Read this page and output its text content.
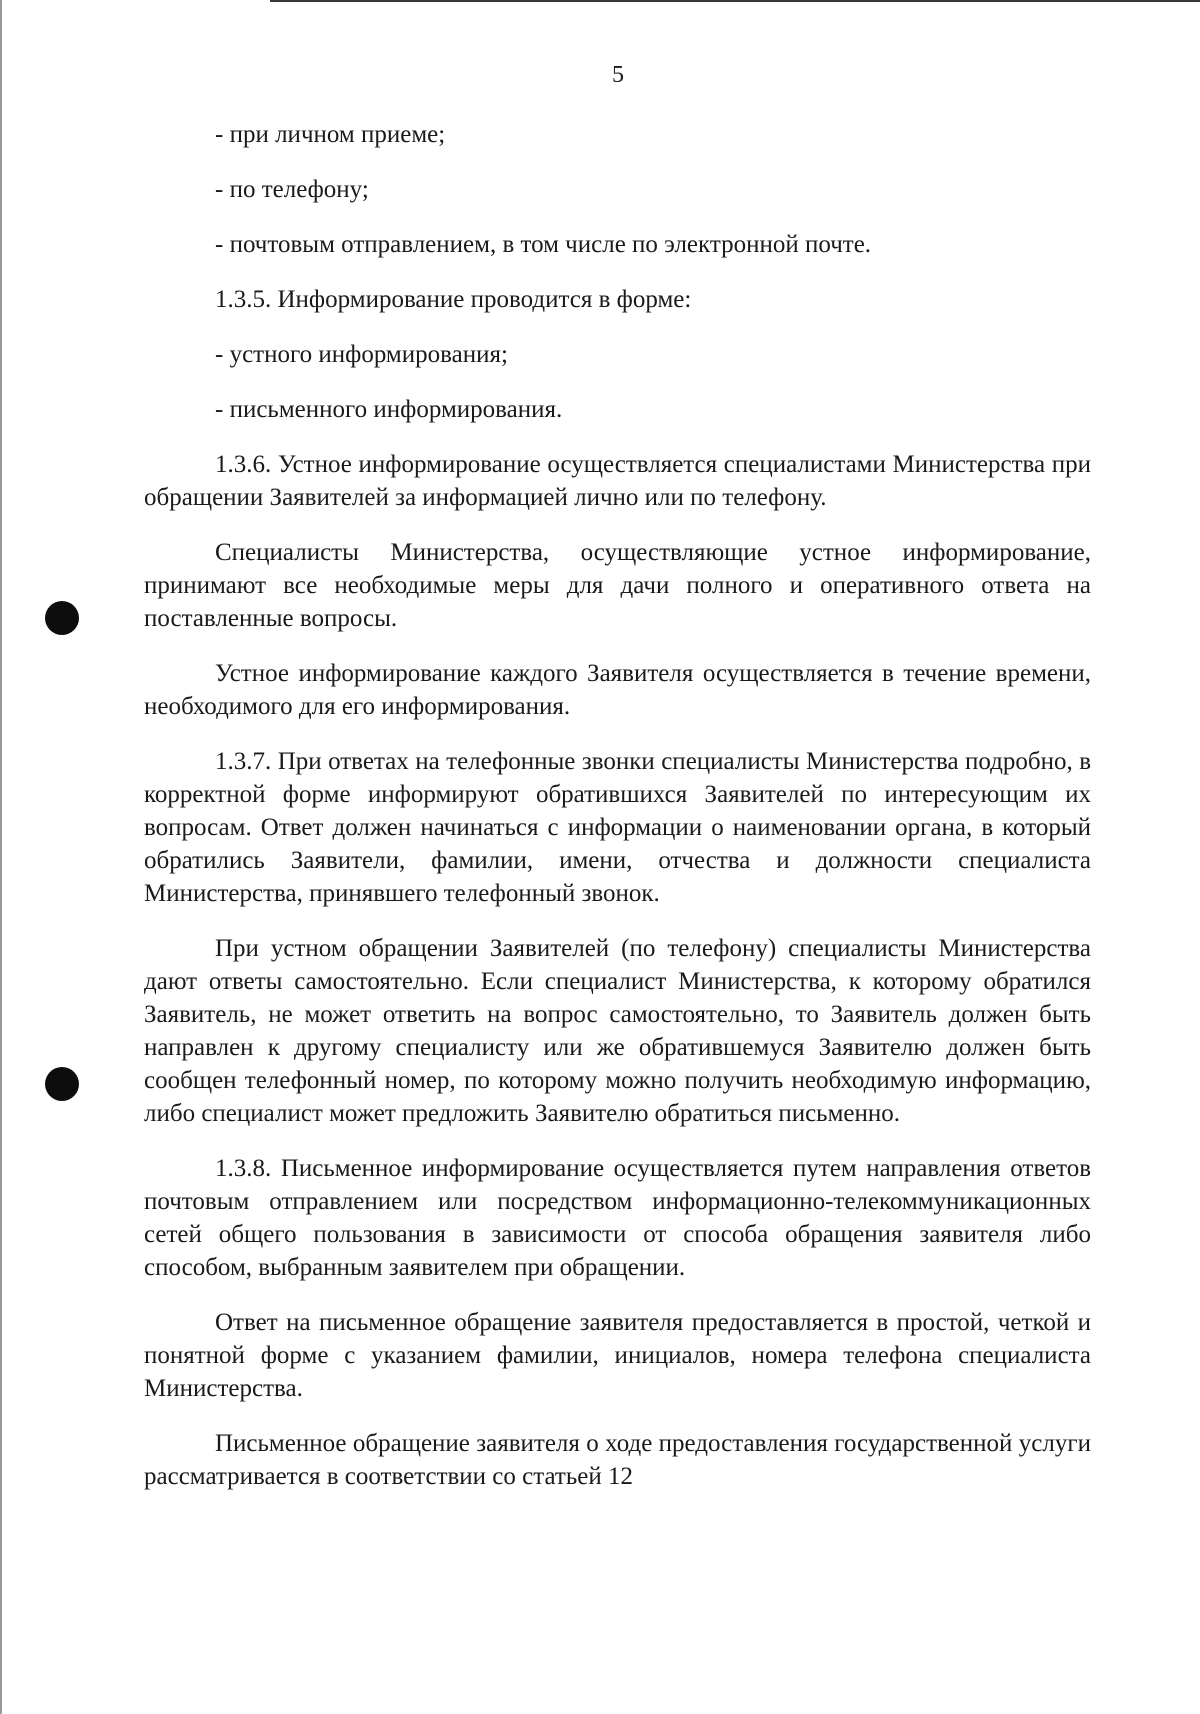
5

- при личном приеме;

- по телефону;

- почтовым отправлением, в том числе по электронной почте.

1.3.5. Информирование проводится в форме:

- устного информирования;

- письменного информирования.

1.3.6. Устное информирование осуществляется специалистами Министерства при обращении Заявителей за информацией лично или по телефону.

Специалисты Министерства, осуществляющие устное информирование, принимают все необходимые меры для дачи полного и оперативного ответа на поставленные вопросы.

Устное информирование каждого Заявителя осуществляется в течение времени, необходимого для его информирования.

1.3.7. При ответах на телефонные звонки специалисты Министерства подробно, в корректной форме информируют обратившихся Заявителей по интересующим их вопросам. Ответ должен начинаться с информации о наименовании органа, в который обратились Заявители, фамилии, имени, отчества и должности специалиста Министерства, принявшего телефонный звонок.

При устном обращении Заявителей (по телефону) специалисты Министерства дают ответы самостоятельно. Если специалист Министерства, к которому обратился Заявитель, не может ответить на вопрос самостоятельно, то Заявитель должен быть направлен к другому специалисту или же обратившемуся Заявителю должен быть сообщен телефонный номер, по которому можно получить необходимую информацию, либо специалист может предложить Заявителю обратиться письменно.

1.3.8. Письменное информирование осуществляется путем направления ответов почтовым отправлением или посредством информационно-телекоммуникационных сетей общего пользования в зависимости от способа обращения заявителя либо способом, выбранным заявителем при обращении.

Ответ на письменное обращение заявителя предоставляется в простой, четкой и понятной форме с указанием фамилии, инициалов, номера телефона специалиста Министерства.

Письменное обращение заявителя о ходе предоставления государственной услуги рассматривается в соответствии со статьей 12
